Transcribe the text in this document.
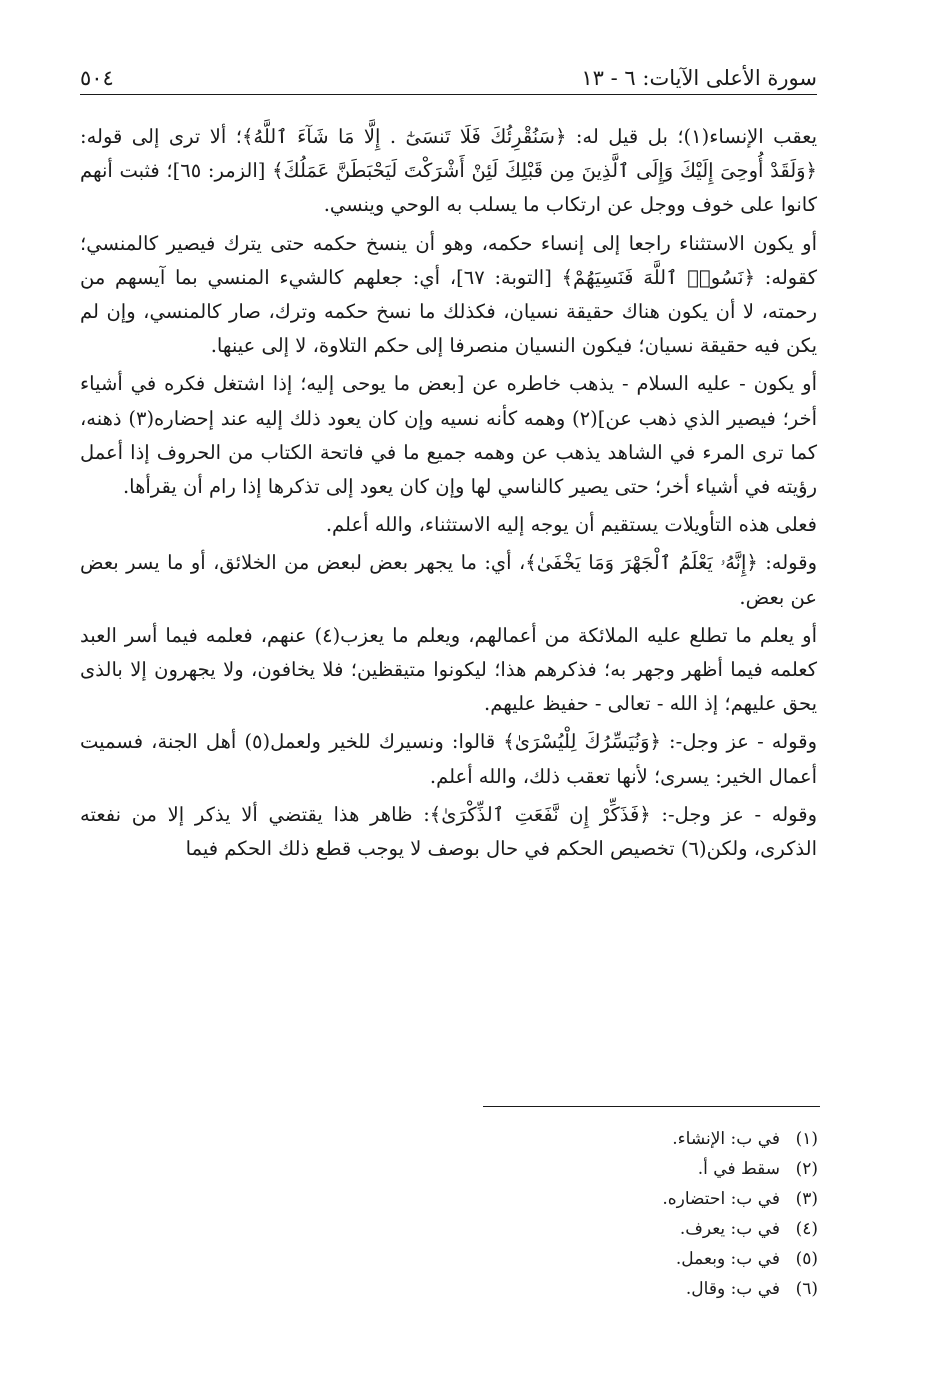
سورة الأعلى الآيات: ٦ - ١٣
٥٠٤

يعقب الإنساء(١)؛ بل قيل له: ﴿سَنُقْرِئُكَ فَلَا تَنسَىٰٓ . إِلَّا مَا شَآءَ ٱللَّهُ﴾؛ ألا ترى إلى قوله: ﴿وَلَقَدْ أُوحِىَ إِلَيْكَ وَإِلَى ٱلَّذِينَ مِن قَبْلِكَ لَئِنْ أَشْرَكْتَ لَيَحْبَطَنَّ عَمَلُكَ﴾ [الزمر: ٦٥]؛ فثبت أنهم كانوا على خوف ووجل عن ارتكاب ما يسلب به الوحي وينسي.

أو يكون الاستثناء راجعا إلى إنساء حكمه، وهو أن ينسخ حكمه حتى يترك فيصير كالمنسي؛ كقوله: ﴿نَسُوا۟ ٱللَّهَ فَنَسِيَهُمْ﴾ [التوبة: ٦٧]، أي: جعلهم كالشيء المنسي بما آيسهم من رحمته، لا أن يكون هناك حقيقة نسيان، فكذلك ما نسخ حكمه وترك، صار كالمنسي، وإن لم يكن فيه حقيقة نسيان؛ فيكون النسيان منصرفا إلى حكم التلاوة، لا إلى عينها.

أو يكون - عليه السلام - يذهب خاطره عن [بعض ما يوحى إليه؛ إذا اشتغل فكره في أشياء أخر؛ فيصير الذي ذهب عن](٢) وهمه كأنه نسيه وإن كان يعود ذلك إليه عند إحضاره(٣) ذهنه، كما ترى المرء في الشاهد يذهب عن وهمه جميع ما في فاتحة الكتاب من الحروف إذا أعمل رؤيته في أشياء أخر؛ حتى يصير كالناسي لها وإن كان يعود إلى تذكرها إذا رام أن يقرأها.

فعلى هذه التأويلات يستقيم أن يوجه إليه الاستثناء، والله أعلم.

وقوله: ﴿إِنَّهُۥ يَعْلَمُ ٱلْجَهْرَ وَمَا يَخْفَىٰ﴾، أي: ما يجهر بعض لبعض من الخلائق، أو ما يسر بعض عن بعض.

أو يعلم ما تطلع عليه الملائكة من أعمالهم، ويعلم ما يعزب(٤) عنهم، فعلمه فيما أسر العبد كعلمه فيما أظهر وجهر به؛ فذكرهم هذا؛ ليكونوا متيقظين؛ فلا يخافون، ولا يجهرون إلا بالذى يحق عليهم؛ إذ الله - تعالى - حفيظ عليهم.

وقوله - عز وجل-: ﴿وَنُيَسِّرُكَ لِلْيُسْرَىٰ﴾ قالوا: ونسيرك للخير ولعمل(٥) أهل الجنة، فسميت أعمال الخير: يسرى؛ لأنها تعقب ذلك، والله أعلم.

وقوله - عز وجل-: ﴿فَذَكِّرْ إِن نَّفَعَتِ ٱلذِّكْرَىٰ﴾: ظاهر هذا يقتضي ألا يذكر إلا من نفعته الذكرى، ولكن(٦) تخصيص الحكم في حال بوصف لا يوجب قطع ذلك الحكم فيما

(١)
في ب: الإنشاء.
(٢)
سقط في أ.
(٣)
في ب: احتضاره.
(٤)
في ب: يعرف.
(٥)
في ب: وبعمل.
(٦)
في ب: وقال.
